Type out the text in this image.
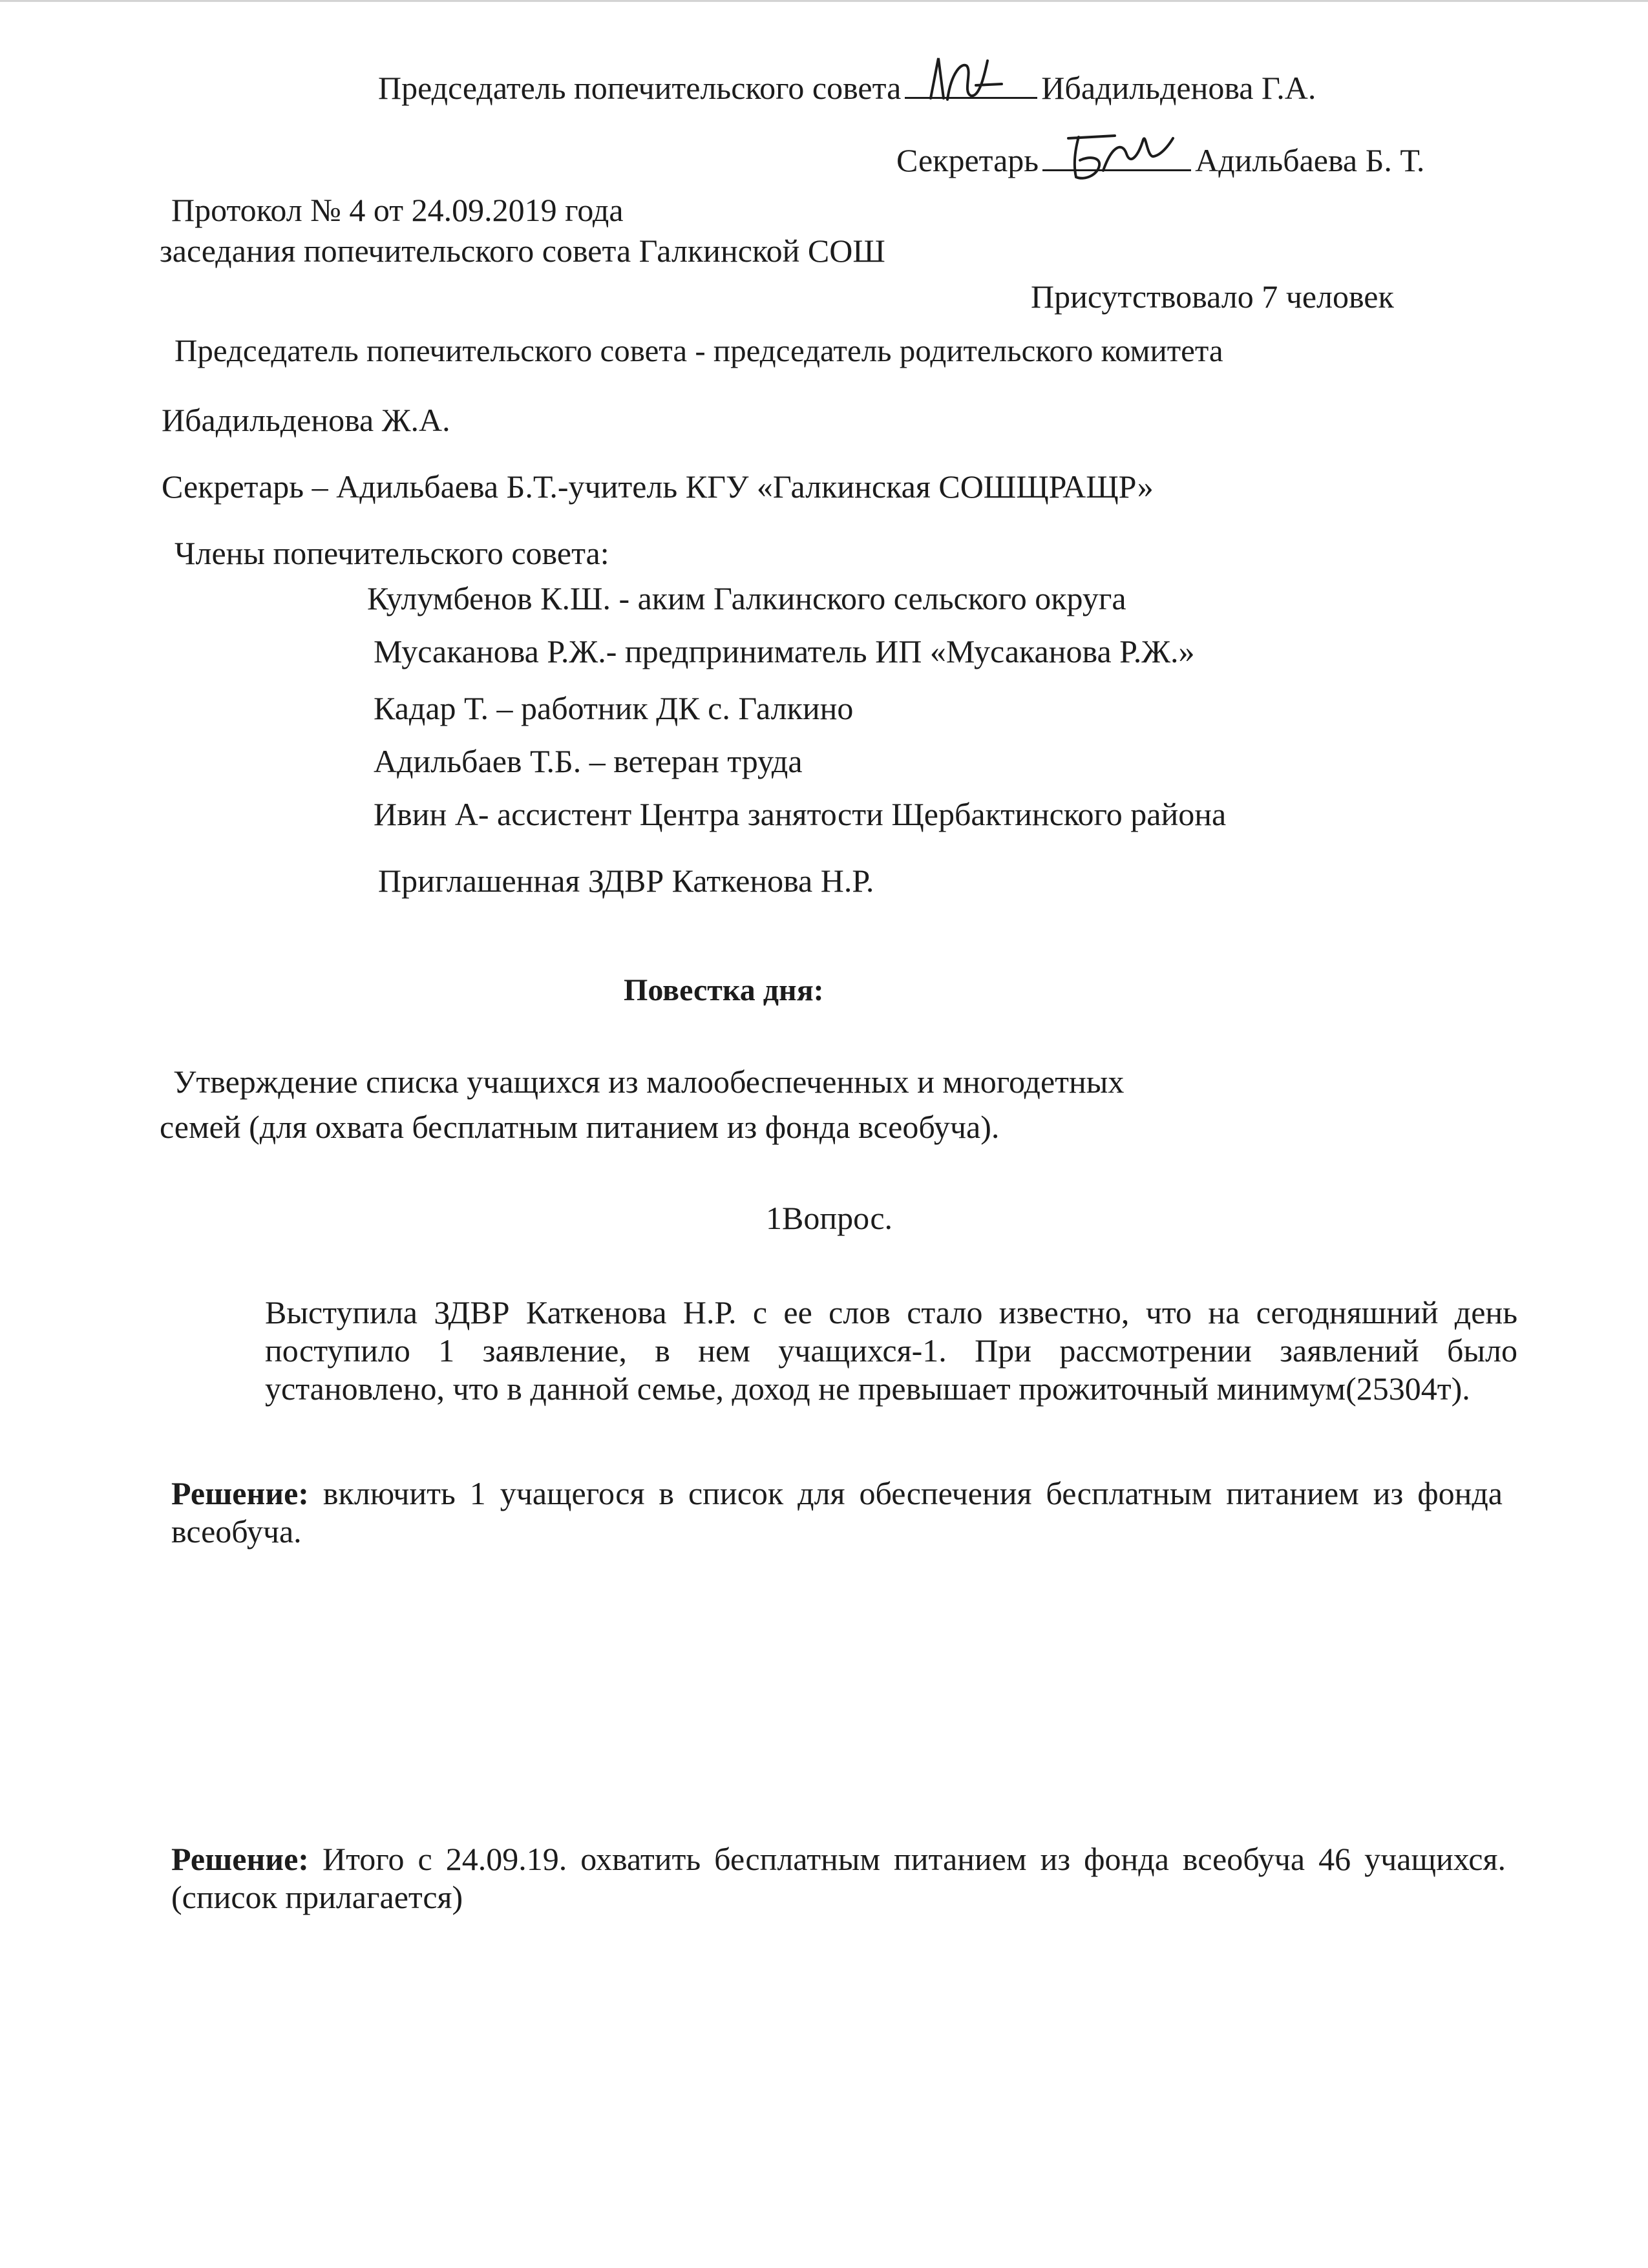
Председатель попечительского совета	Ибадильденова Г.А.
Секретарь	Адильбаева Б. Т.
Протокол № 4 от 24.09.2019 года
заседания попечительского совета Галкинской СОШ
Присутствовало 7 человек
Председатель попечительского совета - председатель родительского комитета
Ибадильденова Ж.А.
Секретарь – Адильбаева Б.Т.-учитель КГУ «Галкинская СОШЩРАЩР»
Члены попечительского совета:
Кулумбенов К.Ш. - аким Галкинского сельского округа
Мусаканова Р.Ж.- предприниматель ИП «Мусаканова Р.Ж.»
Кадар Т. – работник ДК с. Галкино
Адильбаев Т.Б. – ветеран труда
Ивин А- ассистент Центра занятости Щербактинского района
Приглашенная ЗДВР Каткенова Н.Р.
Повестка дня:
Утверждение списка учащихся из малообеспеченных и многодетных
семей (для охвата бесплатным питанием из фонда всеобуча).
1Вопрос.
Выступила ЗДВР Каткенова Н.Р. с ее слов стало известно, что на сегодняшний день поступило 1 заявление, в нем учащихся-1. При рассмотрении заявлений было установлено, что в данной семье, доход не превышает прожиточный минимум(25304т).
Решение: включить 1 учащегося в список для обеспечения бесплатным питанием из фонда всеобуча.
Решение: Итого с 24.09.19. охватить бесплатным питанием из фонда всеобуча 46 учащихся. (список прилагается)
